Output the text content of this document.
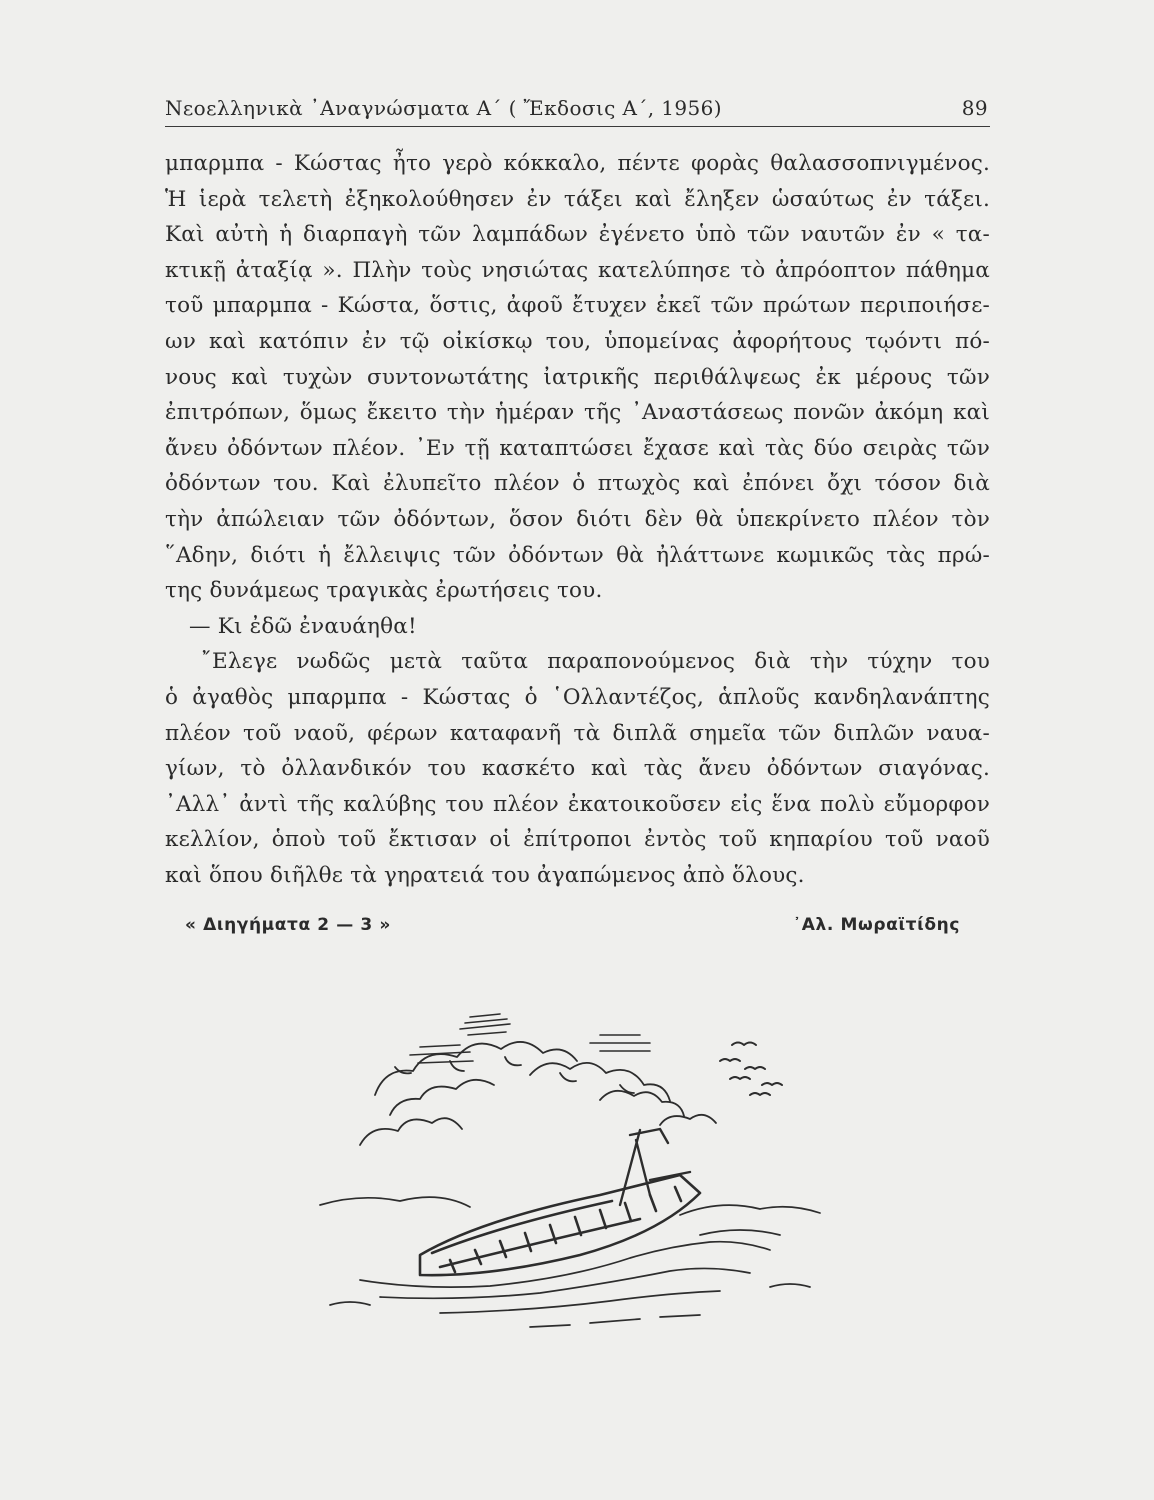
Νεοελληνικὰ ᾿Αναγνώσματα Α΄ ( Ἔκδοσις Α΄, 1956)	89
μπαρμπα - Κώστας ἦτο γερὸ κόκκαλο, πέντε φορὰς θαλασσοπνιγμένος.
Ἡ ἱερὰ τελετὴ ἐξηκολούθησεν ἐν τάξει καὶ ἔληξεν ὡσαύτως ἐν τάξει.
Καὶ αὐτὴ ἡ διαρπαγὴ τῶν λαμπάδων ἐγένετο ὑπὸ τῶν ναυτῶν ἐν « τα-
κτικῇ ἀταξίᾳ ». Πλὴν τοὺς νησιώτας κατελύπησε τὸ ἀπρόοπτον πάθημα
τοῦ μπαρμπα - Κώστα, ὅστις, ἀφοῦ ἔτυχεν ἐκεῖ τῶν πρώτων περιποιήσε-
ων καὶ κατόπιν ἐν τῷ οἰκίσκῳ του, ὑπομείνας ἀφορήτους τῳόντι πό-
νους καὶ τυχὼν συντονωτάτης ἰατρικῆς περιθάλψεως ἐκ μέρους τῶν
ἐπιτρόπων, ὅμως ἔκειτο τὴν ἡμέραν τῆς ᾿Αναστάσεως πονῶν ἀκόμη καὶ
ἄνευ ὀδόντων πλέον. ᾿Εν τῇ καταπτώσει ἔχασε καὶ τὰς δύο σειρὰς τῶν
ὀδόντων του. Καὶ ἐλυπεῖτο πλέον ὁ πτωχὸς καὶ ἐπόνει ὄχι τόσον διὰ
τὴν ἀπώλειαν τῶν ὀδόντων, ὅσον διότι δὲν θὰ ὑπεκρίνετο πλέον τὸν
῞Αδην, διότι ἡ ἔλλειψις τῶν ὀδόντων θὰ ἠλάττωνε κωμικῶς τὰς πρώ-
της δυνάμεως τραγικὰς ἐρωτήσεις του.
— Κι ἐδῶ ἐναυάηθα!
῎Ελεγε νωδῶς μετὰ ταῦτα παραπονούμενος διὰ τὴν τύχην του
ὁ ἀγαθὸς μπαρμπα - Κώστας ὁ ῾Ολλαντέζος, ἁπλοῦς κανδηλανάπτης
πλέον τοῦ ναοῦ, φέρων καταφανῆ τὰ διπλᾶ σημεῖα τῶν διπλῶν ναυα-
γίων, τὸ ὀλλανδικόν του κασκέτο καὶ τὰς ἄνευ ὀδόντων σιαγόνας.
᾿Αλλ᾿ ἀντὶ τῆς καλύβης του πλέον ἐκατοικοῦσεν εἰς ἕνα πολὺ εὔμορφον
κελλίον, ὁποὺ τοῦ ἔκτισαν οἱ ἐπίτροποι ἐντὸς τοῦ κηπαρίου τοῦ ναοῦ
καὶ ὅπου διῆλθε τὰ γηρατειά του ἀγαπώμενος ἀπὸ ὅλους.
« Διηγήματα 2 — 3 »	᾿Αλ. Μωραϊτίδης
